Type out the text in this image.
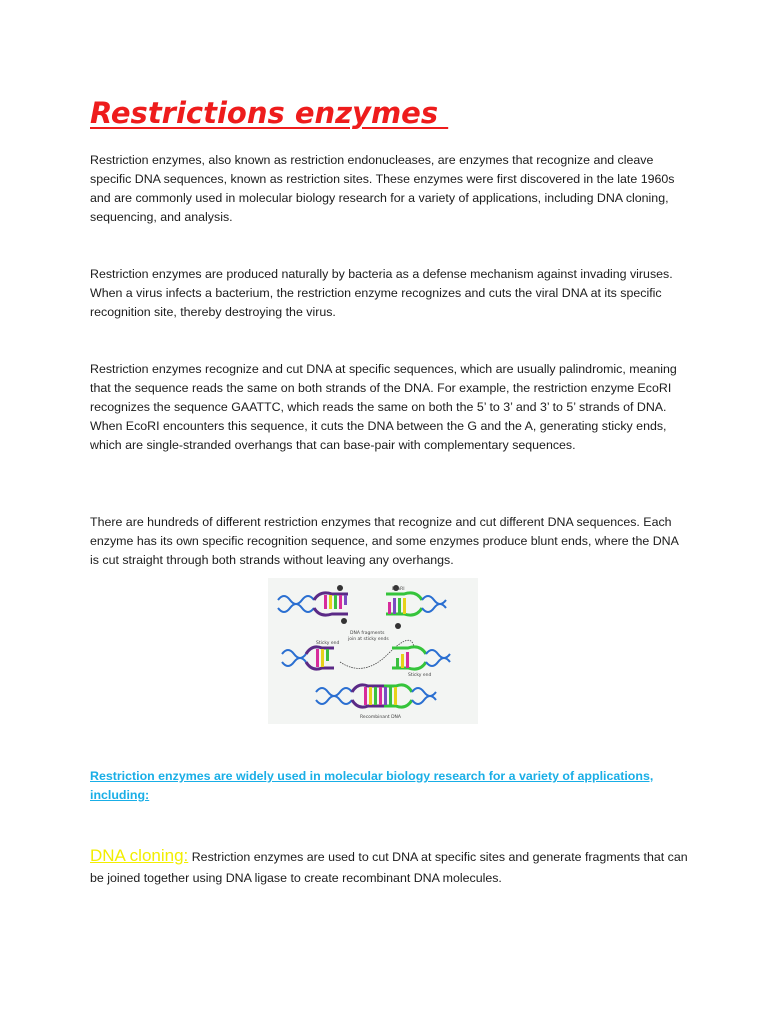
Restrictions enzymes

Restriction enzymes, also known as restriction endonucleases, are enzymes that recognize and cleave specific DNA sequences, known as restriction sites. These enzymes were first discovered in the late 1960s and are commonly used in molecular biology research for a variety of applications, including DNA cloning, sequencing, and analysis.

Restriction enzymes are produced naturally by bacteria as a defense mechanism against invading viruses. When a virus infects a bacterium, the restriction enzyme recognizes and cuts the viral DNA at its specific recognition site, thereby destroying the virus.

Restriction enzymes recognize and cut DNA at specific sequences, which are usually palindromic, meaning that the sequence reads the same on both strands of the DNA. For example, the restriction enzyme EcoRI recognizes the sequence GAATTC, which reads the same on both the 5’ to 3’ and 3’ to 5’ strands of DNA. When EcoRI encounters this sequence, it cuts the DNA between the G and the A, generating sticky ends, which are single-stranded overhangs that can base-pair with complementary sequences.

There are hundreds of different restriction enzymes that recognize and cut different DNA sequences. Each enzyme has its own specific recognition sequence, and some enzymes produce blunt ends, where the DNA is cut straight through both strands without leaving any overhangs.

EcoRI
DNA fragments
join at sticky ends
Sticky end
Sticky end
Recombinant DNA

Restriction enzymes are widely used in molecular biology research for a variety of applications, including:

DNA cloning: Restriction enzymes are used to cut DNA at specific sites and generate fragments that can be joined together using DNA ligase to create recombinant DNA molecules.
